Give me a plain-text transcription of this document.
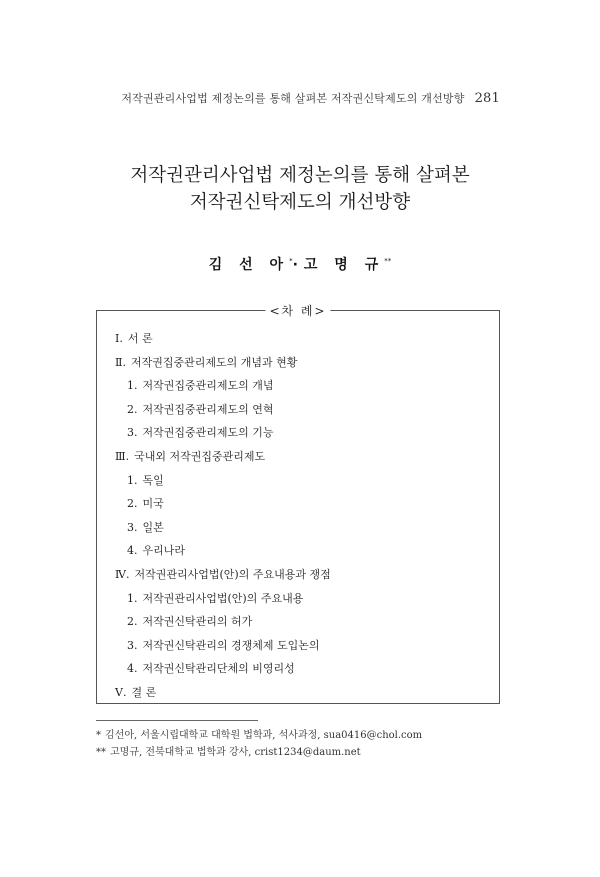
저작권관리사업법 제정논의를 통해 살펴본 저작권신탁제도의 개선방향 281
저작권관리사업법 제정논의를 통해 살펴본
저작권신탁제도의 개선방향
김 선 아*·고 명 규**
<차 례>
Ⅰ. 서 론
Ⅱ. 저작권집중관리제도의 개념과 현황
1. 저작권집중관리제도의 개념
2. 저작권집중관리제도의 연혁
3. 저작권집중관리제도의 기능
Ⅲ. 국내외 저작권집중관리제도
1. 독일
2. 미국
3. 일본
4. 우리나라
Ⅳ. 저작권관리사업법(안)의 주요내용과 쟁점
1. 저작권관리사업법(안)의 주요내용
2. 저작권신탁관리의 허가
3. 저작권신탁관리의 경쟁체제 도입논의
4. 저작권신탁관리단체의 비영리성
Ⅴ. 결 론
* 김선아, 서울시립대학교 대학원 법학과, 석사과정, sua0416@chol.com
** 고명규, 전북대학교 법학과 강사, crist1234@daum.net
